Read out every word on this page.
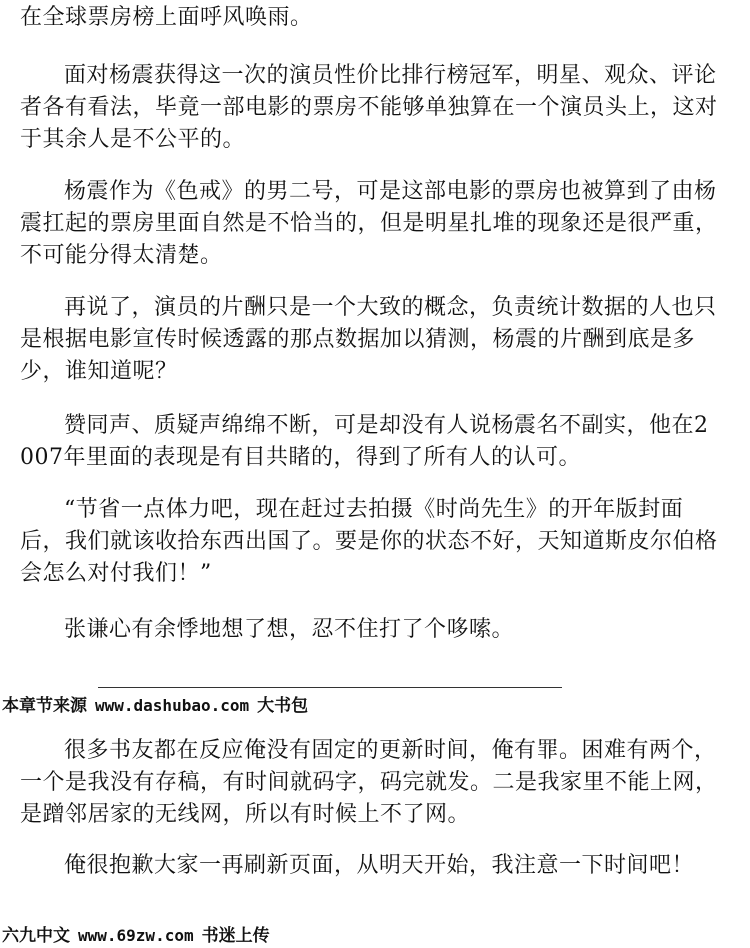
在全球票房榜上面呼风唤雨。

面对杨震获得这一次的演员性价比排行榜冠军，明星、观众、评论者各有看法，毕竟一部电影的票房不能够单独算在一个演员头上，这对于其余人是不公平的。

杨震作为《色戒》的男二号，可是这部电影的票房也被算到了由杨震扛起的票房里面自然是不恰当的，但是明星扎堆的现象还是很严重，不可能分得太清楚。

再说了，演员的片酬只是一个大致的概念，负责统计数据的人也只是根据电影宣传时候透露的那点数据加以猜测，杨震的片酬到底是多少，谁知道呢？

赞同声、质疑声绵绵不断，可是却没有人说杨震名不副实，他在2007年里面的表现是有目共睹的，得到了所有人的认可。

“节省一点体力吧，现在赶过去拍摄《时尚先生》的开年版封面后，我们就该收拾东西出国了。要是你的状态不好，天知道斯皮尔伯格会怎么对付我们！”

张谦心有余悸地想了想，忍不住打了个哆嗦。

本章节来源 www.dashubao.com 大书包

很多书友都在反应俺没有固定的更新时间，俺有罪。困难有两个，一个是我没有存稿，有时间就码字，码完就发。二是我家里不能上网，是蹭邻居家的无线网，所以有时候上不了网。

俺很抱歉大家一再刷新页面，从明天开始，我注意一下时间吧！

六九中文 www.69zw.com 书迷上传
